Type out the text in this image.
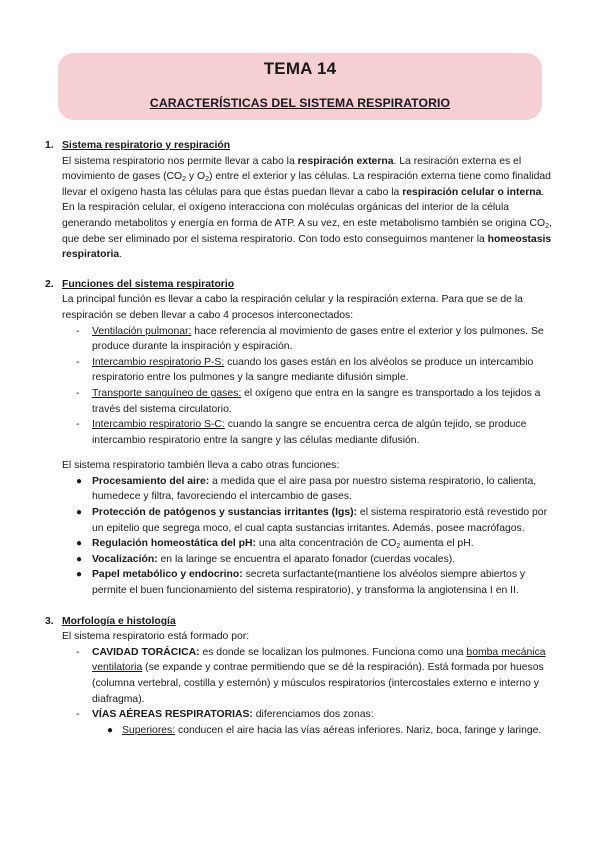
TEMA 14
CARACTERÍSTICAS DEL SISTEMA RESPIRATORIO
1. Sistema respiratorio y respiración
El sistema respiratorio nos permite llevar a cabo la respiración externa. La resiración externa es el movimiento de gases ($CO_2$ y $O_2$) entre el exterior y las células. La respiración externa tiene como finalidad llevar el oxígeno hasta las células para que éstas puedan llevar a cabo la respiración celular o interna. En la respiración celular, el oxígeno interacciona con moléculas orgánicas del interior de la célula generando metabolitos y energía en forma de ATP. A su vez, en este metabolismo también se origina $CO_2$, que debe ser eliminado por el sistema respiratorio. Con todo esto conseguimos mantener la homeostasis respiratoria.
2. Funciones del sistema respiratorio
La principal función es llevar a cabo la respiración celular y la respiración externa. Para que se de la respiración se deben llevar a cabo 4 procesos interconectados:
- Ventilación pulmonar: hace referencia al movimiento de gases entre el exterior y los pulmones. Se produce durante la inspiración y espiración.
- Intercambio respiratorio P-S: cuando los gases están en los alvéolos se produce un intercambio respiratorio entre los pulmones y la sangre mediante difusión simple.
- Transporte sanguíneo de gases: el oxígeno que entra en la sangre es transportado a los tejidos a través del sistema circulatorio.
- Intercambio respiratorio S-C: cuando la sangre se encuentra cerca de algún tejido, se produce intercambio respiratorio entre la sangre y las células mediante difusión.
El sistema respiratorio también lleva a cabo otras funciones:
● Procesamiento del aire: a medida que el aire pasa por nuestro sistema respiratorio, lo calienta, humedece y filtra, favoreciendo el intercambio de gases.
● Protección de patógenos y sustancias irritantes (Igs): el sistema respiratorio está revestido por un epitelio que segrega moco, el cual capta sustancias irritantes. Además, posee macrófagos.
● Regulación homeostática del pH: una alta concentración de $CO_2$ aumenta el pH.
● Vocalización: en la laringe se encuentra el aparato fonador (cuerdas vocales).
● Papel metabólico y endocrino: secreta surfactante(mantiene los alvéolos siempre abiertos y permite el buen funcionamiento del sistema respiratorio), y transforma la angiotensina I en II.
3. Morfología e histología
El sistema respiratorio está formado por:
- CAVIDAD TORÁCICA: es donde se localizan los pulmones. Funciona como una bomba mecánica ventilatoria (se expande y contrae permitiendo que se dé la respiración). Está formada por huesos (columna vertebral, costilla y esternón) y músculos respiratorios (intercostales externo e interno y diafragma).
- VÍAS AÉREAS RESPIRATORIAS: diferenciamos dos zonas:
● Superiores: conducen el aire hacia las vías aéreas inferiores. Nariz, boca, faringe y laringe.
